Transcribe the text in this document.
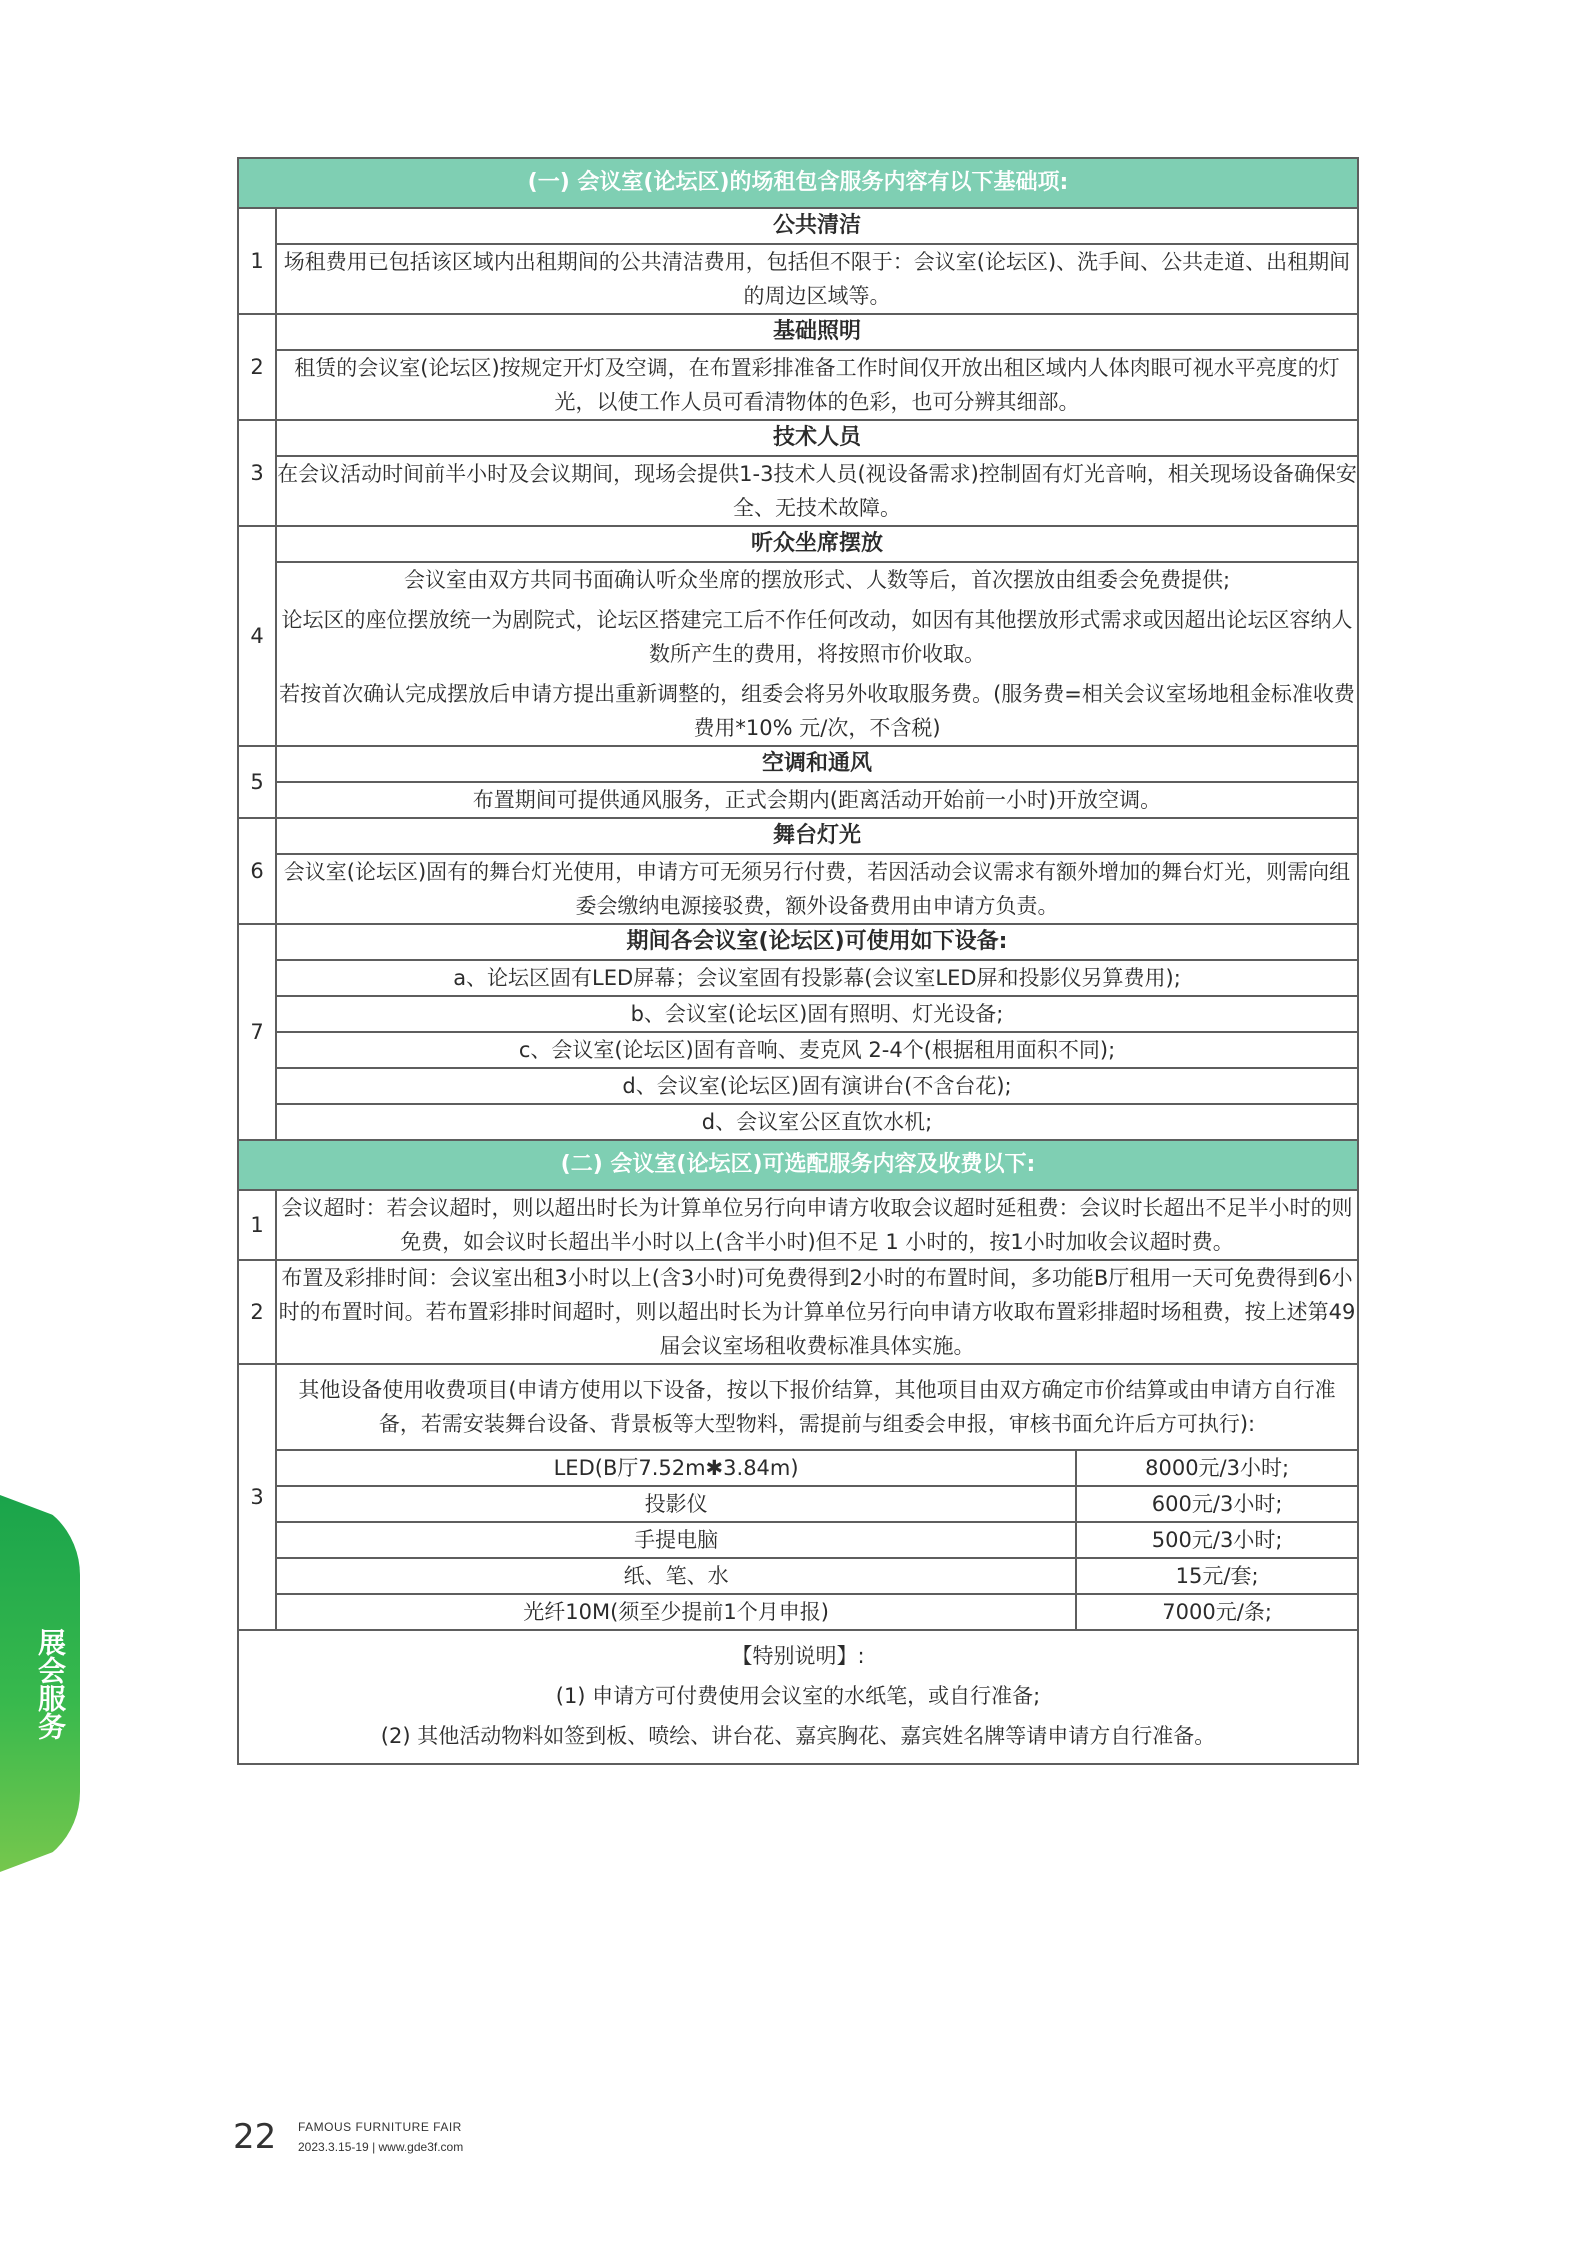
(一) 会议室(论坛区)的场租包含服务内容有以下基础项:
1	公共清洁

场租费用已包括该区域内出租期间的公共清洁费用，包括但不限于：会议室(论坛区)、洗手间、公共走道、出租期间的周边区域等。

2	基础照明

租赁的会议室(论坛区)按规定开灯及空调，在布置彩排准备工作时间仅开放出租区域内人体肉眼可视水平亮度的灯光，以使工作人员可看清物体的色彩，也可分辨其细部。

3	技术人员

在会议活动时间前半小时及会议期间，现场会提供1-3技术人员(视设备需求)控制固有灯光音响，相关现场设备确保安全、无技术故障。

4	听众坐席摆放

会议室由双方共同书面确认听众坐席的摆放形式、人数等后，首次摆放由组委会免费提供;

论坛区的座位摆放统一为剧院式，论坛区搭建完工后不作任何改动，如因有其他摆放形式需求或因超出论坛区容纳人数所产生的费用，将按照市价收取。

若按首次确认完成摆放后申请方提出重新调整的，组委会将另外收取服务费。(服务费=相关会议室场地租金标准收费费用*10% 元/次，不含税)

5	空调和通风

布置期间可提供通风服务，正式会期内(距离活动开始前一小时)开放空调。

6	舞台灯光

会议室(论坛区)固有的舞台灯光使用，申请方可无须另行付费，若因活动会议需求有额外增加的舞台灯光，则需向组委会缴纳电源接驳费，额外设备费用由申请方负责。

7	
期间各会议室(论坛区)可使用如下设备:
a、论坛区固有LED屏幕；会议室固有投影幕(会议室LED屏和投影仪另算费用);
b、会议室(论坛区)固有照明、灯光设备;
c、会议室(论坛区)固有音响、麦克风 2-4个(根据租用面积不同);
d、会议室(论坛区)固有演讲台(不含台花);
d、会议室公区直饮水机;

(二) 会议室(论坛区)可选配服务内容及收费以下:
1	会议超时：若会议超时，则以超出时长为计算单位另行向申请方收取会议超时延租费：会议时长超出不足半小时的则免费，如会议时长超出半小时以上(含半小时)但不足 1 小时的，按1小时加收会议超时费。
2	布置及彩排时间：会议室出租3小时以上(含3小时)可免费得到2小时的布置时间，多功能B厅租用一天可免费得到6小时的布置时间。若布置彩排时间超时，则以超出时长为计算单位另行向申请方收取布置彩排超时场租费，按上述第49届会议室场租收费标准具体实施。
3	
其他设备使用收费项目(申请方使用以下设备，按以下报价结算，其他项目由双方确定市价结算或由申请方自行准备，若需安装舞台设备、背景板等大型物料，需提前与组委会申报，审核书面允许后方可执行):
LED(B厅7.52m✱3.84m)	8000元/3小时;
投影仪	600元/3小时;
手提电脑	500元/3小时;
纸、笔、水	15元/套;
光纤10M(须至少提前1个月申报)	7000元/条;

【特别说明】:

(1) 申请方可付费使用会议室的水纸笔，或自行准备;

(2) 其他活动物料如签到板、喷绘、讲台花、嘉宾胸花、嘉宾姓名牌等请申请方自行准备。

展会服务
22 FAMOUS FURNITURE FAIR
2023.3.15-19 | www.gde3f.com
